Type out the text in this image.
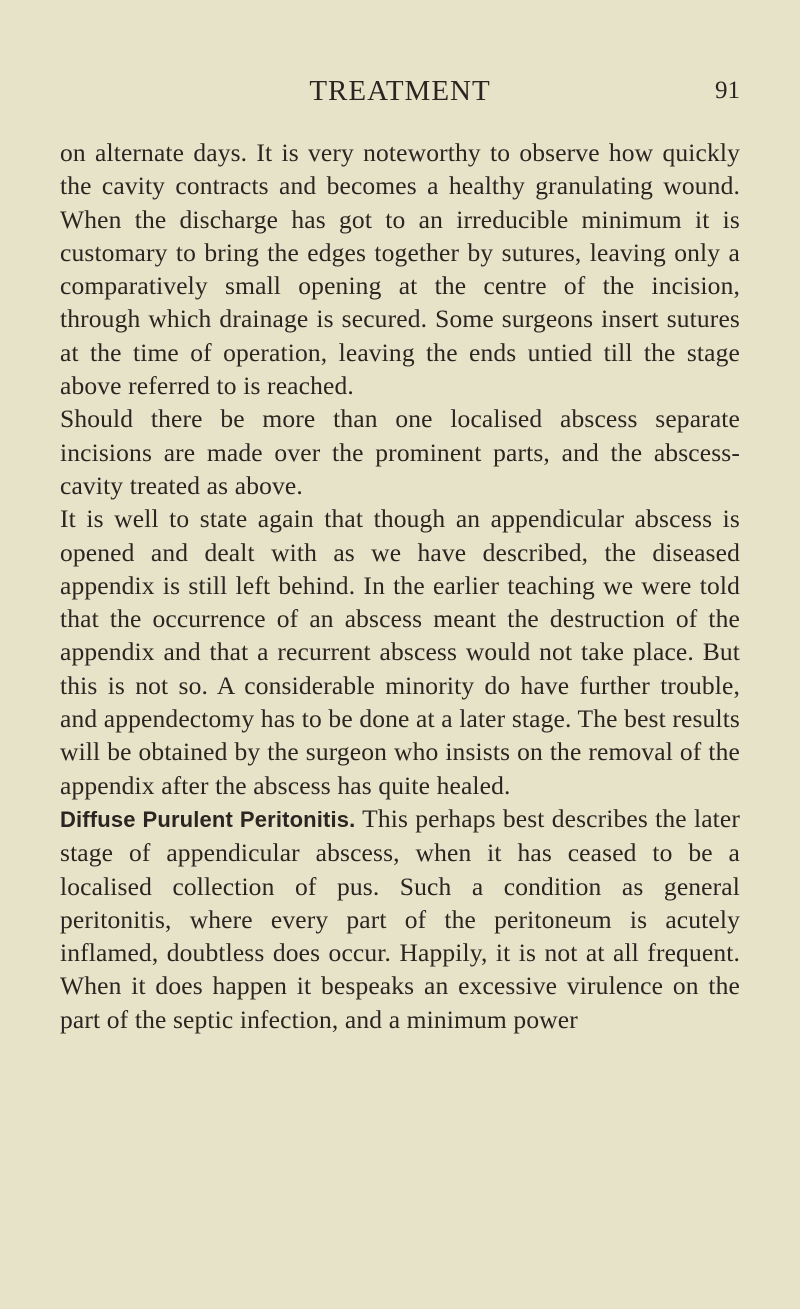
TREATMENT	91

on alternate days. It is very noteworthy to observe how quickly the cavity contracts and becomes a healthy granulating wound. When the discharge has got to an irreducible minimum it is customary to bring the edges together by sutures, leaving only a comparatively small opening at the centre of the incision, through which drainage is secured. Some surgeons insert sutures at the time of operation, leaving the ends untied till the stage above referred to is reached.

Should there be more than one localised abscess separate incisions are made over the prominent parts, and the abscess-cavity treated as above.

It is well to state again that though an appendicular abscess is opened and dealt with as we have described, the diseased appendix is still left behind. In the earlier teaching we were told that the occurrence of an abscess meant the destruction of the appendix and that a recurrent abscess would not take place. But this is not so. A considerable minority do have further trouble, and appendectomy has to be done at a later stage. The best results will be obtained by the surgeon who insists on the removal of the appendix after the abscess has quite healed.

Diffuse Purulent Peritonitis. This perhaps best describes the later stage of appendicular abscess, when it has ceased to be a localised collection of pus. Such a condition as general peritonitis, where every part of the peritoneum is acutely inflamed, doubtless does occur. Happily, it is not at all frequent. When it does happen it bespeaks an excessive virulence on the part of the septic infection, and a minimum power
